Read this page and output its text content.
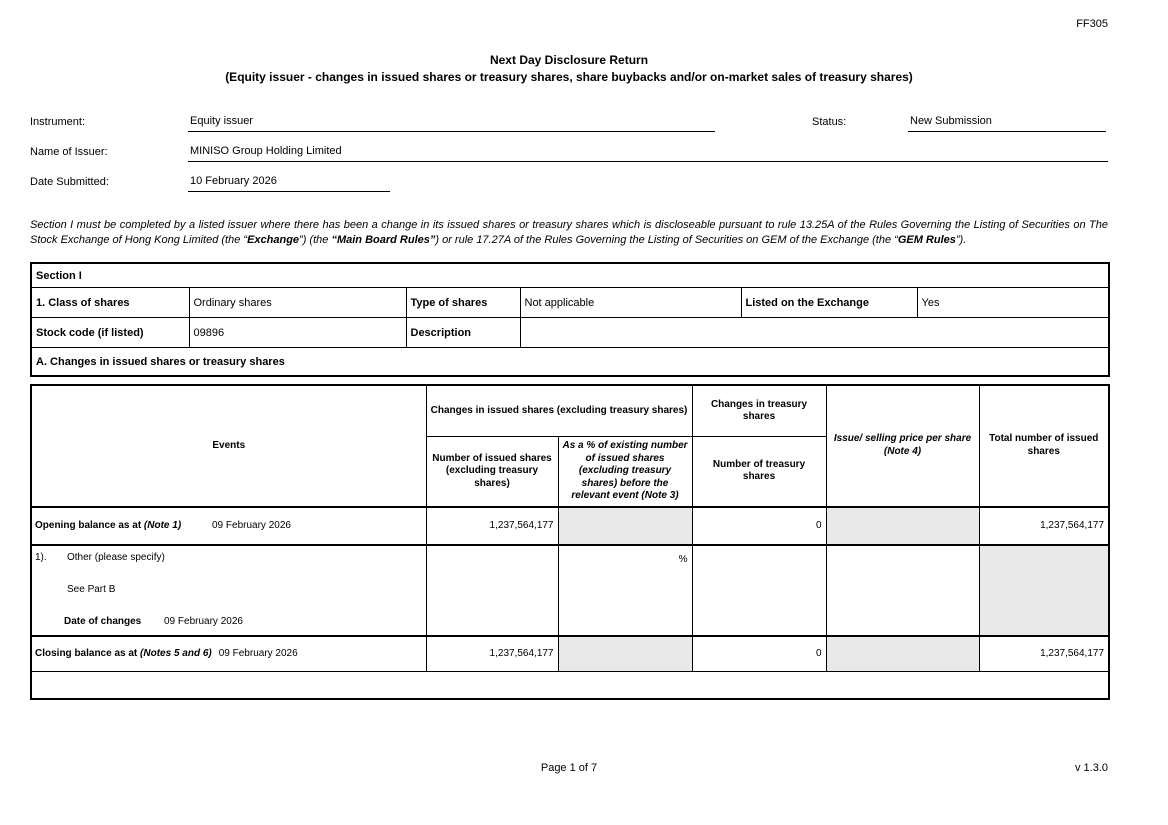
FF305
Next Day Disclosure Return
(Equity issuer - changes in issued shares or treasury shares, share buybacks and/or on-market sales of treasury shares)
Instrument:	Equity issuer	Status:	New Submission
Name of Issuer:	MINISO Group Holding Limited
Date Submitted:	10 February 2026
Section I must be completed by a listed issuer where there has been a change in its issued shares or treasury shares which is discloseable pursuant to rule 13.25A of the Rules Governing the Listing of Securities on The Stock Exchange of Hong Kong Limited (the “Exchange”) (the “Main Board Rules”) or rule 17.27A of the Rules Governing the Listing of Securities on GEM of the Exchange (the “GEM Rules”).
Section I					
1. Class of shares	Ordinary shares	Type of shares	Not applicable	Listed on the Exchange	Yes
Stock code (if listed)	09896	Description			
A. Changes in issued shares or treasury shares					
Events	Changes in issued shares (excluding treasury shares)		Changes in treasury shares	Issue/ selling price per share (Note 4)	Total number of issued shares
	Number of issued shares (excluding treasury shares)	As a % of existing number of issued shares (excluding treasury shares) before the relevant event (Note 3)	Number of treasury shares		
Opening balance as at (Note 1) 09 February 2026	1,237,564,177		0		1,237,564,177

1). Other (please specify)
See Part B
Date of changes 09 February 2026		%			
Closing balance as at (Notes 5 and 6) 09 February 2026	1,237,564,177		0		1,237,564,177

Page 1 of 7	v 1.3.0
